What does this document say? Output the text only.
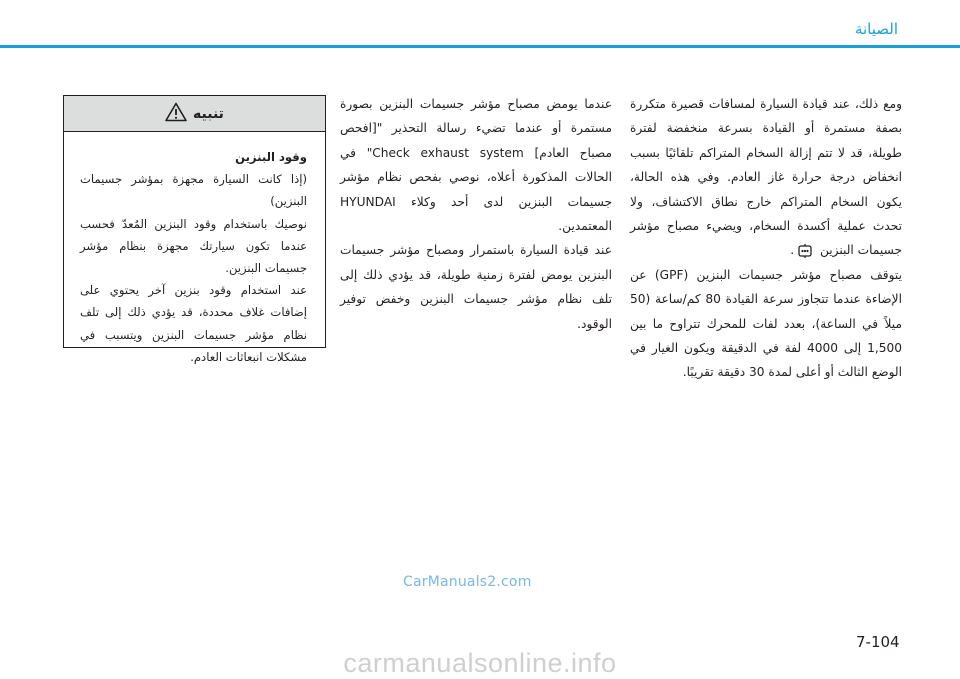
الصيانة

ومع ذلك، عند قيادة السيارة لمسافات قصيرة متكررة بصفة مستمرة أو القيادة بسرعة منخفضة لفترة طويلة، قد لا تتم إزالة السخام المتراكم تلقائيًا بسبب انخفاض درجة حرارة غاز العادم. وفي هذه الحالة، يكون السخام المتراكم خارج نطاق الاكتشاف، ولا تحدث عملية أكسدة السخام، ويضيء مصباح مؤشر جسيمات البنزين .

يتوقف مصباح مؤشر جسيمات البنزين (GPF) عن الإضاءة عندما تتجاوز سرعة القيادة 80 كم/ساعة (50 ميلاً في الساعة)، بعدد لفات للمحرك تتراوح ما بين 1,500 إلى 4000 لفة في الدقيقة ويكون الغيار في الوضع الثالث أو أعلى لمدة 30 دقيقة تقريبًا.

عندما يومض مصباح مؤشر جسيمات البنزين بصورة مستمرة أو عندما تضيء رسالة التحذير "[افحص مصباح العادم] Check exhaust system" في الحالات المذكورة أعلاه، نوصي بفحص نظام مؤشر جسيمات البنزين لدى أحد وكلاء HYUNDAI المعتمدين.

عند قيادة السيارة باستمرار ومصباح مؤشر جسيمات البنزين يومض لفترة زمنية طويلة، قد يؤدي ذلك إلى تلف نظام مؤشر جسيمات البنزين وخفض توفير الوقود.

تنبيه

وقود البنزين

(إذا كانت السيارة مجهزة بمؤشر جسيمات البنزين)

نوصيك باستخدام وقود البنزين المُعدّ فحسب عندما تكون سيارتك مجهزة بنظام مؤشر جسيمات البنزين.

عند استخدام وقود بنزين آخر يحتوي على إضافات غلاف محددة، قد يؤدي ذلك إلى تلف نظام مؤشر جسيمات البنزين ويتسبب في مشكلات انبعاثات العادم.

CarManuals2.com
7-104
carmanualsonline.info
